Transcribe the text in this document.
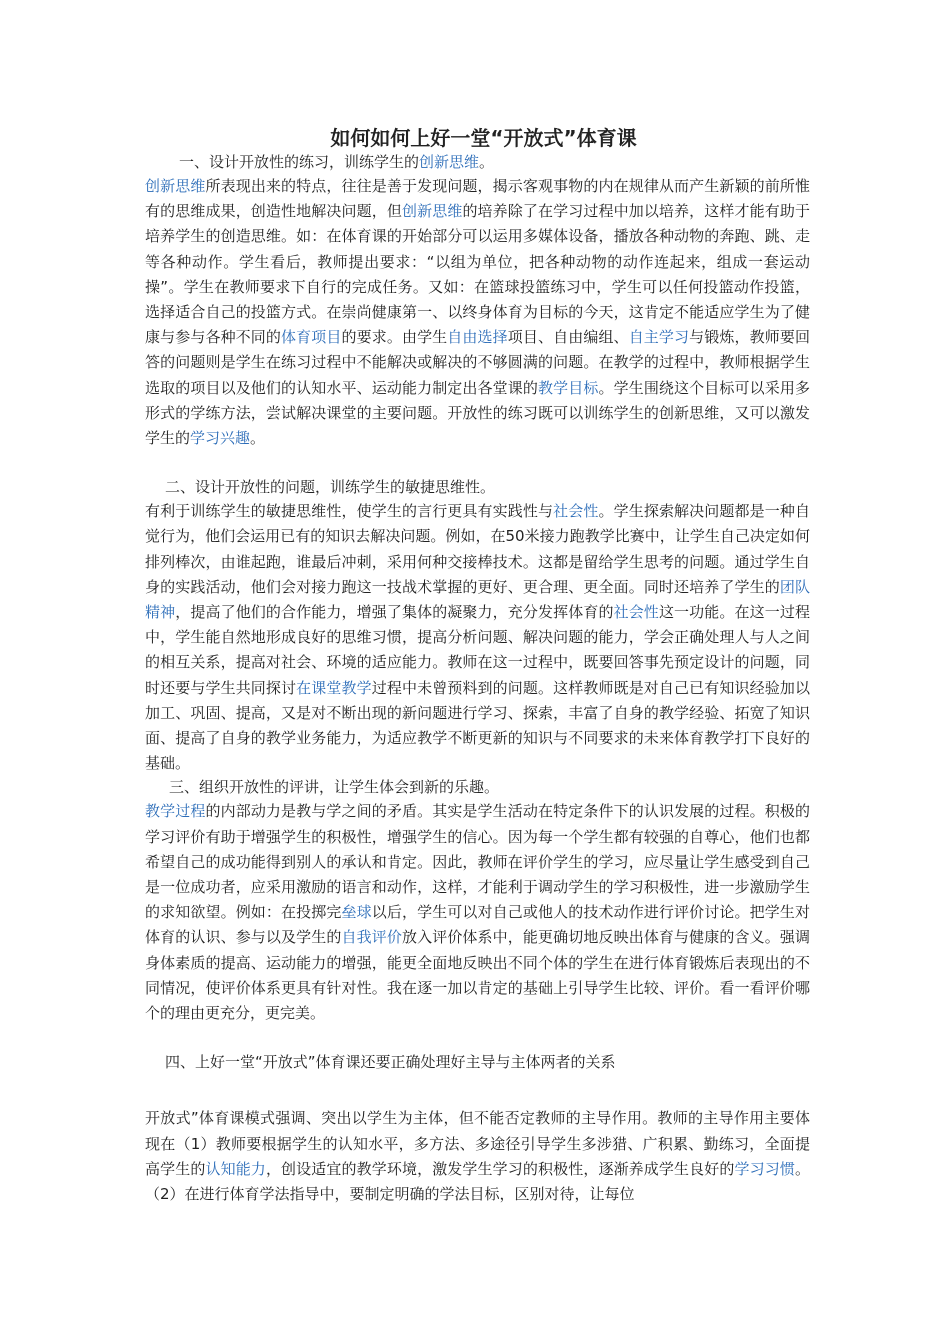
如何如何上好一堂“开放式”体育课
一、设计开放性的练习，训练学生的创新思维。
创新思维所表现出来的特点，往往是善于发现问题，揭示客观事物的内在规律从而产生新颖的前所惟有的思维成果，创造性地解决问题，但创新思维的培养除了在学习过程中加以培养，这样才能有助于培养学生的创造思维。如：在体育课的开始部分可以运用多媒体设备，播放各种动物的奔跑、跳、走等各种动作。学生看后，教师提出要求：“以组为单位，把各种动物的动作连起来，组成一套运动操”。学生在教师要求下自行的完成任务。又如：在篮球投篮练习中，学生可以任何投篮动作投篮，选择适合自己的投篮方式。在崇尚健康第一、以终身体育为目标的今天，这肯定不能适应学生为了健康与参与各种不同的体育项目的要求。由学生自由选择项目、自由编组、自主学习与锻炼，教师要回答的问题则是学生在练习过程中不能解决或解决的不够圆满的问题。在教学的过程中，教师根据学生选取的项目以及他们的认知水平、运动能力制定出各堂课的教学目标。学生围绕这个目标可以采用多形式的学练方法，尝试解决课堂的主要问题。开放性的练习既可以训练学生的创新思维，又可以激发学生的学习兴趣。
二、设计开放性的问题，训练学生的敏捷思维性。
有利于训练学生的敏捷思维性，使学生的言行更具有实践性与社会性。学生探索解决问题都是一种自觉行为，他们会运用已有的知识去解决问题。例如，在50米接力跑教学比赛中，让学生自己决定如何排列棒次，由谁起跑，谁最后冲刺，采用何种交接棒技术。这都是留给学生思考的问题。通过学生自身的实践活动，他们会对接力跑这一技战术掌握的更好、更合理、更全面。同时还培养了学生的团队精神，提高了他们的合作能力，增强了集体的凝聚力，充分发挥体育的社会性这一功能。在这一过程中，学生能自然地形成良好的思维习惯，提高分析问题、解决问题的能力，学会正确处理人与人之间的相互关系，提高对社会、环境的适应能力。教师在这一过程中，既要回答事先预定设计的问题，同时还要与学生共同探讨在课堂教学过程中未曾预料到的问题。这样教师既是对自己已有知识经验加以加工、巩固、提高，又是对不断出现的新问题进行学习、探索，丰富了自身的教学经验、拓宽了知识面、提高了自身的教学业务能力，为适应教学不断更新的知识与不同要求的未来体育教学打下良好的基础。
三、组织开放性的评讲，让学生体会到新的乐趣。
教学过程的内部动力是教与学之间的矛盾。其实是学生活动在特定条件下的认识发展的过程。积极的学习评价有助于增强学生的积极性，增强学生的信心。因为每一个学生都有较强的自尊心，他们也都希望自己的成功能得到别人的承认和肯定。因此，教师在评价学生的学习，应尽量让学生感受到自己是一位成功者，应采用激励的语言和动作，这样，才能利于调动学生的学习积极性，进一步激励学生的求知欲望。例如：在投掷完垒球以后，学生可以对自己或他人的技术动作进行评价讨论。把学生对体育的认识、参与以及学生的自我评价放入评价体系中，能更确切地反映出体育与健康的含义。强调身体素质的提高、运动能力的增强，能更全面地反映出不同个体的学生在进行体育锻炼后表现出的不同情况，使评价体系更具有针对性。我在逐一加以肯定的基础上引导学生比较、评价。看一看评价哪个的理由更充分，更完美。
四、上好一堂“开放式”体育课还要正确处理好主导与主体两者的关系
开放式”体育课模式强调、突出以学生为主体，但不能否定教师的主导作用。教师的主导作用主要体现在（1）教师要根据学生的认知水平，多方法、多途径引导学生多涉猎、广积累、勤练习，全面提高学生的认知能力，创设适宜的教学环境，激发学生学习的积极性，逐渐养成学生良好的学习习惯。（2）在进行体育学法指导中，要制定明确的学法目标，区别对待，让每位
